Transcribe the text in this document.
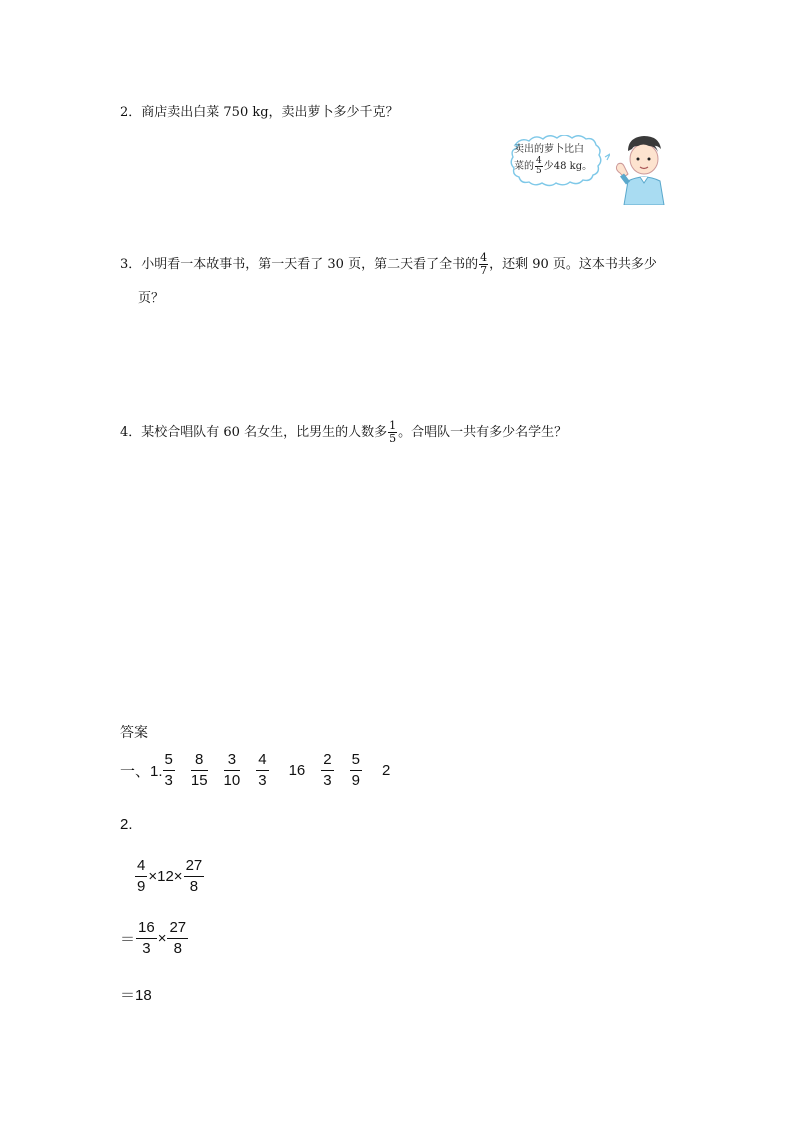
2．商店卖出白菜 750 kg，卖出萝卜多少千克？
卖出的萝卜比白
菜的 $\frac{4}{5}$ 少48 kg。
3．小明看一本故事书，第一天看了 30 页，第二天看了全书的 $\frac{4}{7}$ ，还剩 90 页。这本书共多少
页？
4．某校合唱队有 60 名女生，比男生的人数多 $\frac{1}{5}$ 。合唱队一共有多少名学生？
答案
一、1. $\frac{5}{3} \frac{8}{15} \frac{3}{10} \frac{4}{3} 16 \frac{2}{3} \frac{5}{9} 2$
2.
$\frac{4}{9} \times 12\times \frac{27}{8}$
＝ $\frac{16}{3} \times \frac{27}{8}$
＝18
